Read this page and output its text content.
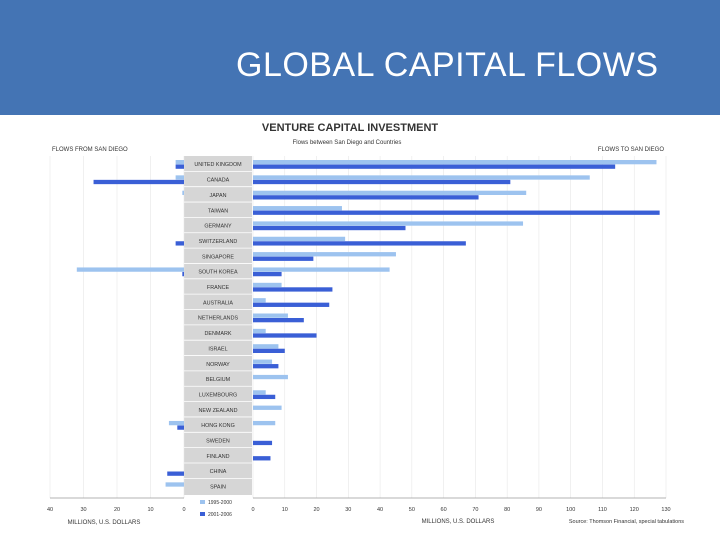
GLOBAL CAPITAL FLOWS
VENTURE CAPITAL INVESTMENT
Flows between San Diego and Countries
FLOWS FROM SAN DIEGO	FLOWS TO SAN DIEGO
0	10	20	30	40	50	60	70	80	90	100	110	120	130
40	30	20	10	0
UNITED KINGDOM
CANADA
JAPAN
TAIWAN
GERMANY
SWITZERLAND
SINGAPORE
SOUTH KOREA
FRANCE
AUSTRALIA
NETHERLANDS
DENMARK
ISRAEL
NORWAY
BELGIUM
LUXEMBOURG
NEW ZEALAND
HONG KONG
SWEDEN
FINLAND
CHINA
SPAIN
1995-2000
2001-2006
MILLIONS, U.S. DOLLARS	MILLIONS, U.S. DOLLARS	Source: Thomson Financial, special tabulations
